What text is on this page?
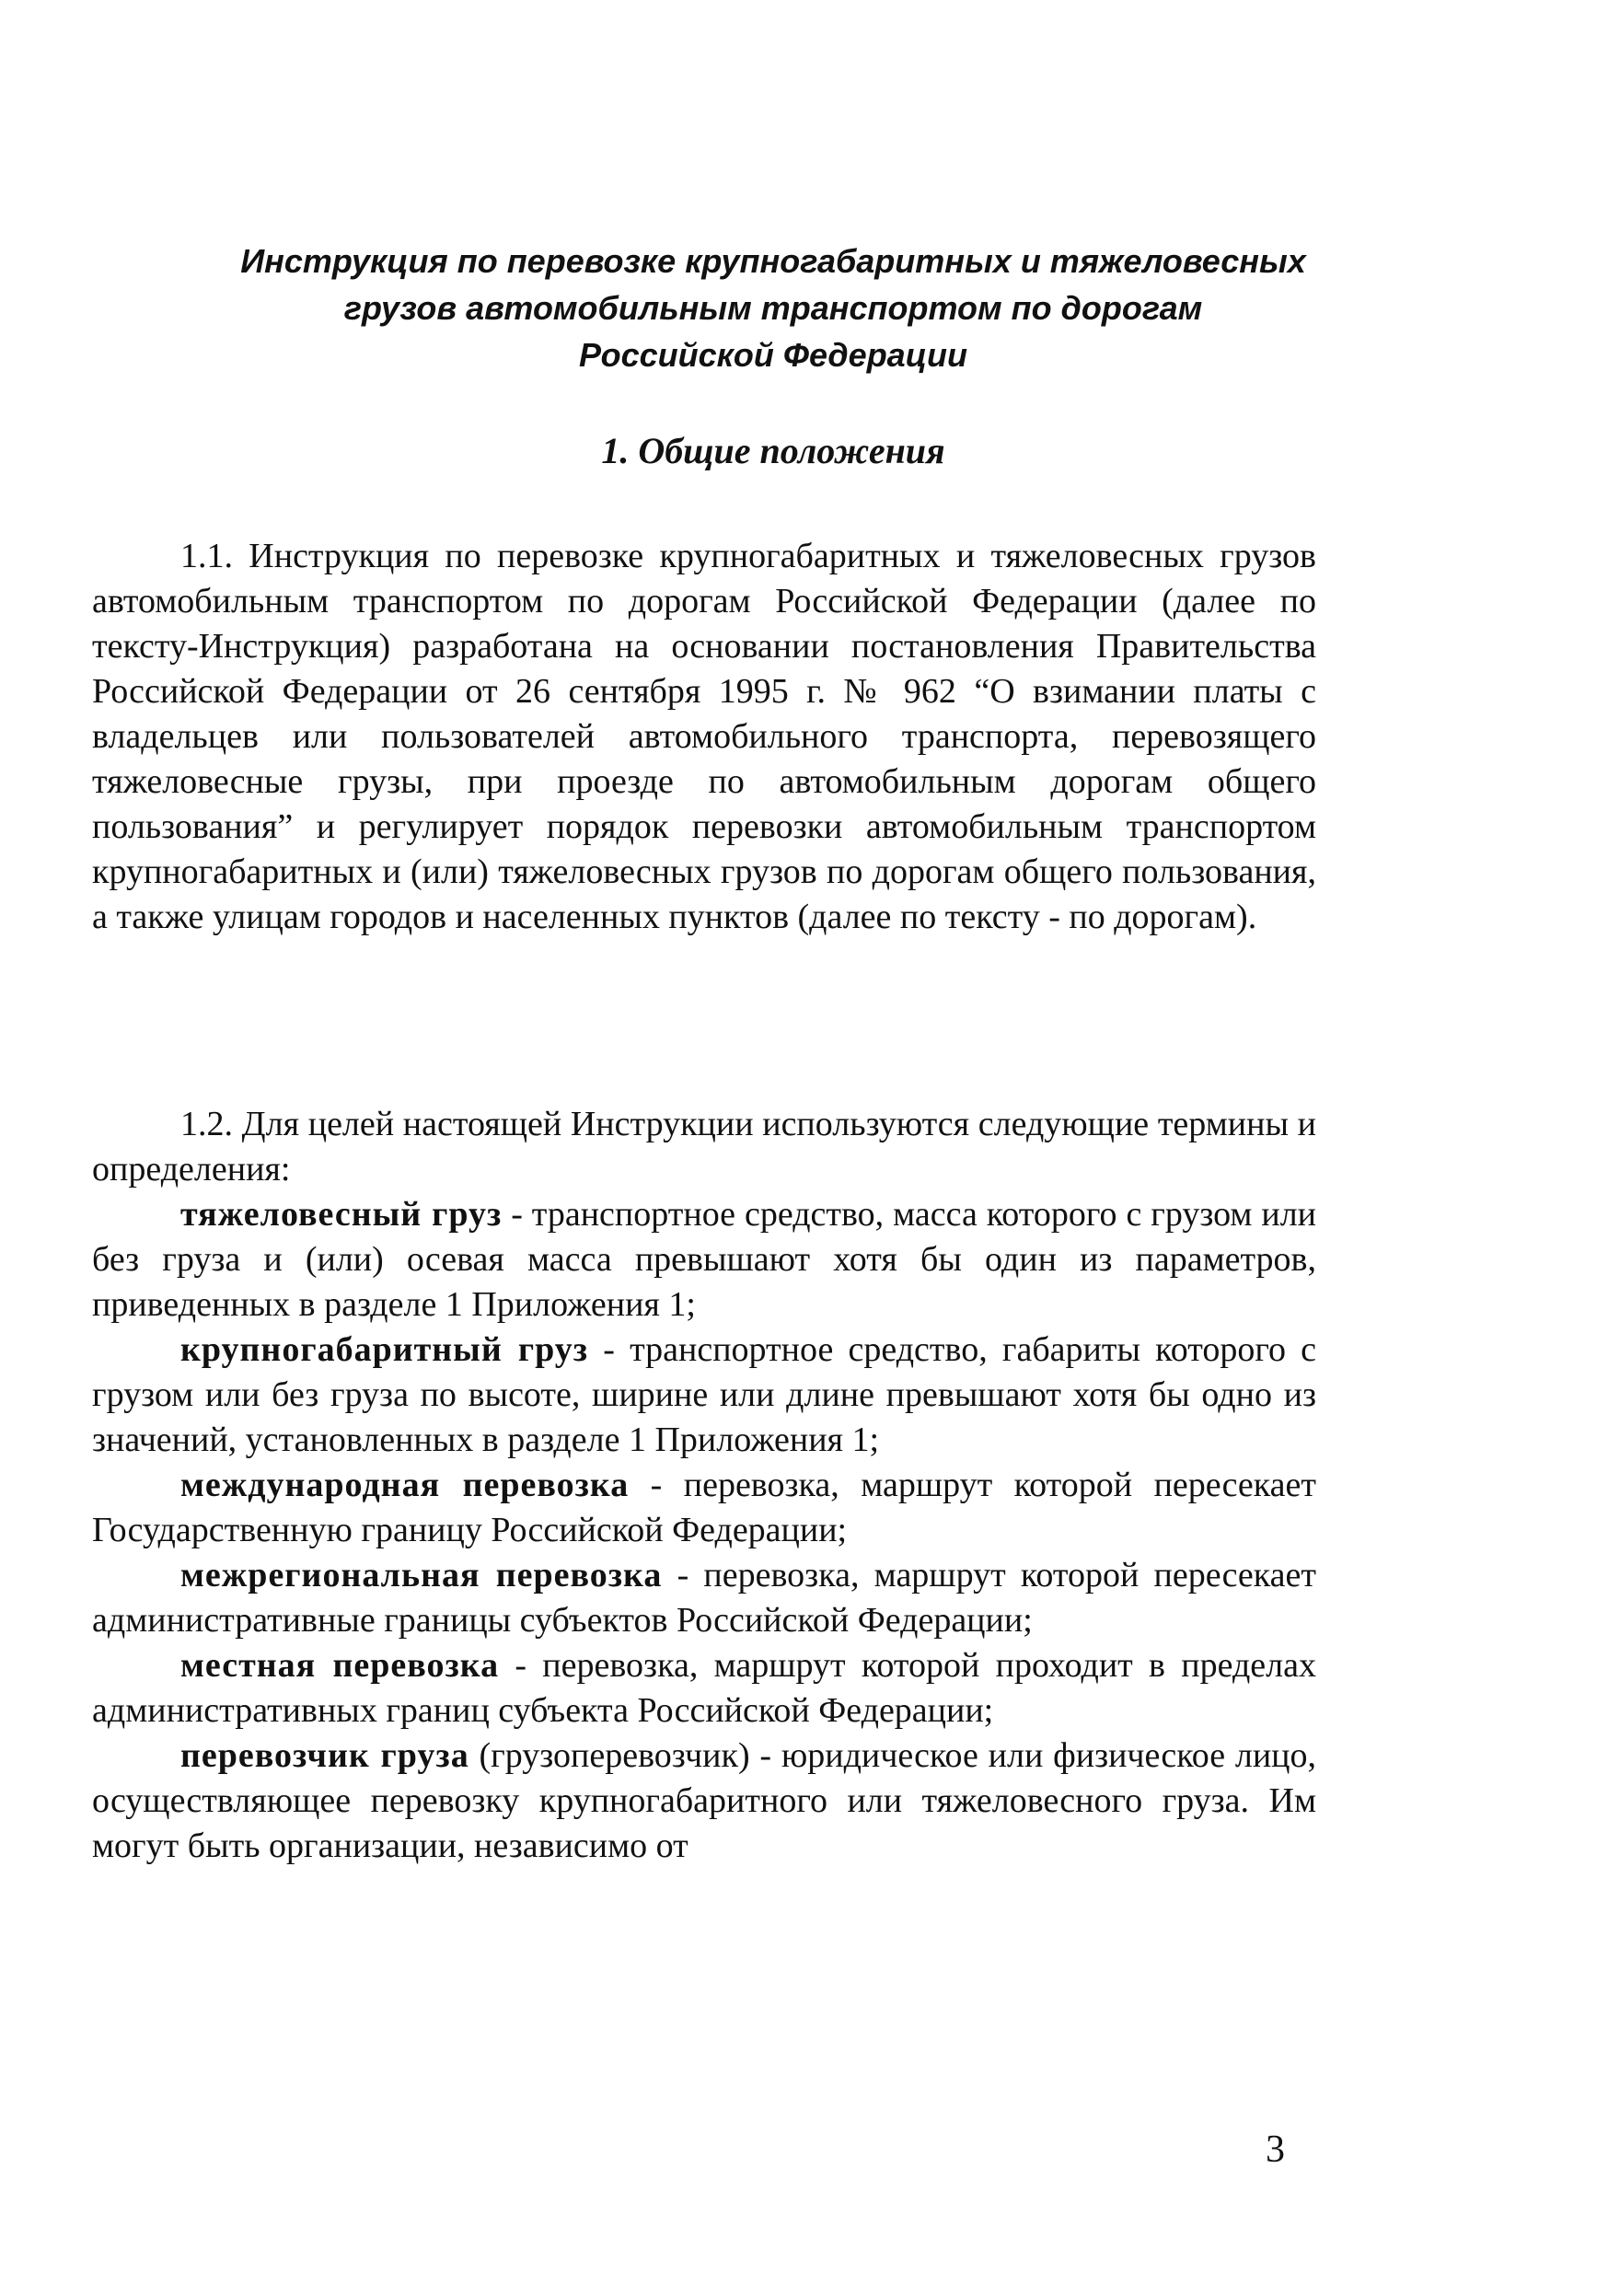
Инструкция по перевозке крупногабаритных и тяжеловесных
грузов автомобильным транспортом по дорогам
Российской Федерации
1. Общие положения

1.1. Инструкция по перевозке крупногабаритных и тяжеловесных грузов автомобильным транспортом по дорогам Российской Федерации (далее по тексту-Инструкция) разработана на основании постановления Правительства Российской Федерации от 26 сентября 1995 г. № 962 “О взимании платы с владельцев или пользователей автомобильного транспорта, перевозящего тяжеловесные грузы, при проезде по автомобильным дорогам общего пользования” и регулирует порядок перевозки автомобильным транспортом крупногабаритных и (или) тяжеловесных грузов по дорогам общего пользования, а также улицам городов и населенных пунктов (далее по тексту - по дорогам).

1.2. Для целей настоящей Инструкции используются следующие термины и определения:

тяжеловесный груз - транспортное средство, масса которого с грузом или без груза и (или) осевая масса превышают хотя бы один из параметров, приведенных в разделе 1 Приложения 1;

крупногабаритный груз - транспортное средство, габариты которого с грузом или без груза по высоте, ширине или длине превышают хотя бы одно из значений, установленных в разделе 1 Приложения 1;

международная перевозка - перевозка, маршрут которой пересекает Государственную границу Российской Федерации;

межрегиональная перевозка - перевозка, маршрут которой пересекает административные границы субъектов Российской Федерации;

местная перевозка - перевозка, маршрут которой проходит в пределах административных границ субъекта Российской Федерации;

перевозчик груза (грузоперевозчик) - юридическое или физическое лицо, осуществляющее перевозку крупногабаритного или тяжеловесного груза. Им могут быть организации, независимо от

3
